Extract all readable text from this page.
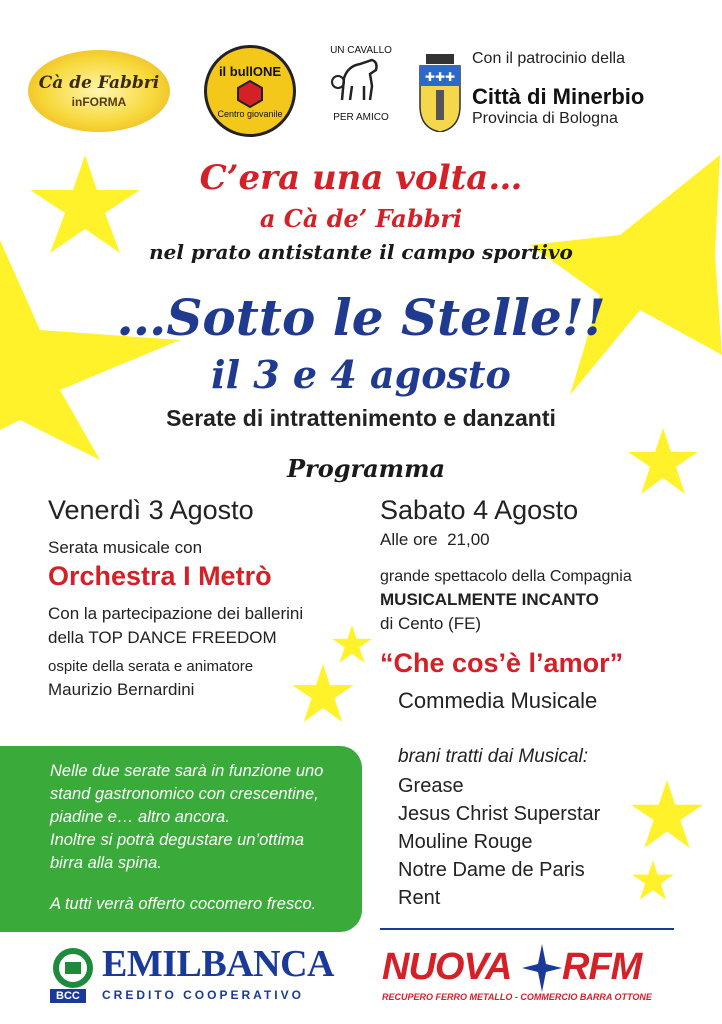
Cà de Fabbri
inFORMA
il bullONE
Centro giovanile
UN CAVALLO
PER AMICO
✚✚✚
Con il patrocinio della
Città di Minerbio
Provincia di Bologna
C’era una volta…
a Cà de’ Fabbri
nel prato antistante il campo sportivo
…Sotto le Stelle!!
il 3 e 4 agosto
Serate di intrattenimento e danzanti
Programma
Venerdì 3 Agosto
Serata musicale con
Orchestra I Metrò
Con la partecipazione dei ballerini
della TOP DANCE FREEDOM
ospite della serata e animatore
Maurizio Bernardini
Sabato 4 Agosto
Alle ore  21,00
grande spettacolo della Compagnia
MUSICALMENTE INCANTO
di Cento (FE)
“Che cos’è l’amor”
Commedia Musicale
brani tratti dai Musical:
Grease
Jesus Christ Superstar
Mouline Rouge
Notre Dame de Paris
Rent

Nelle due serate sarà in funzione uno

stand gastronomico con crescentine,

piadine e… altro ancora.

Inoltre si potrà degustare un’ottima

birra alla spina.

A tutti verrà offerto cocomero fresco.

EMILBANCA
BCC	CREDITO COOPERATIVO
NUOVA RFM
RECUPERO FERRO METALLO - COMMERCIO BARRA OTTONE
